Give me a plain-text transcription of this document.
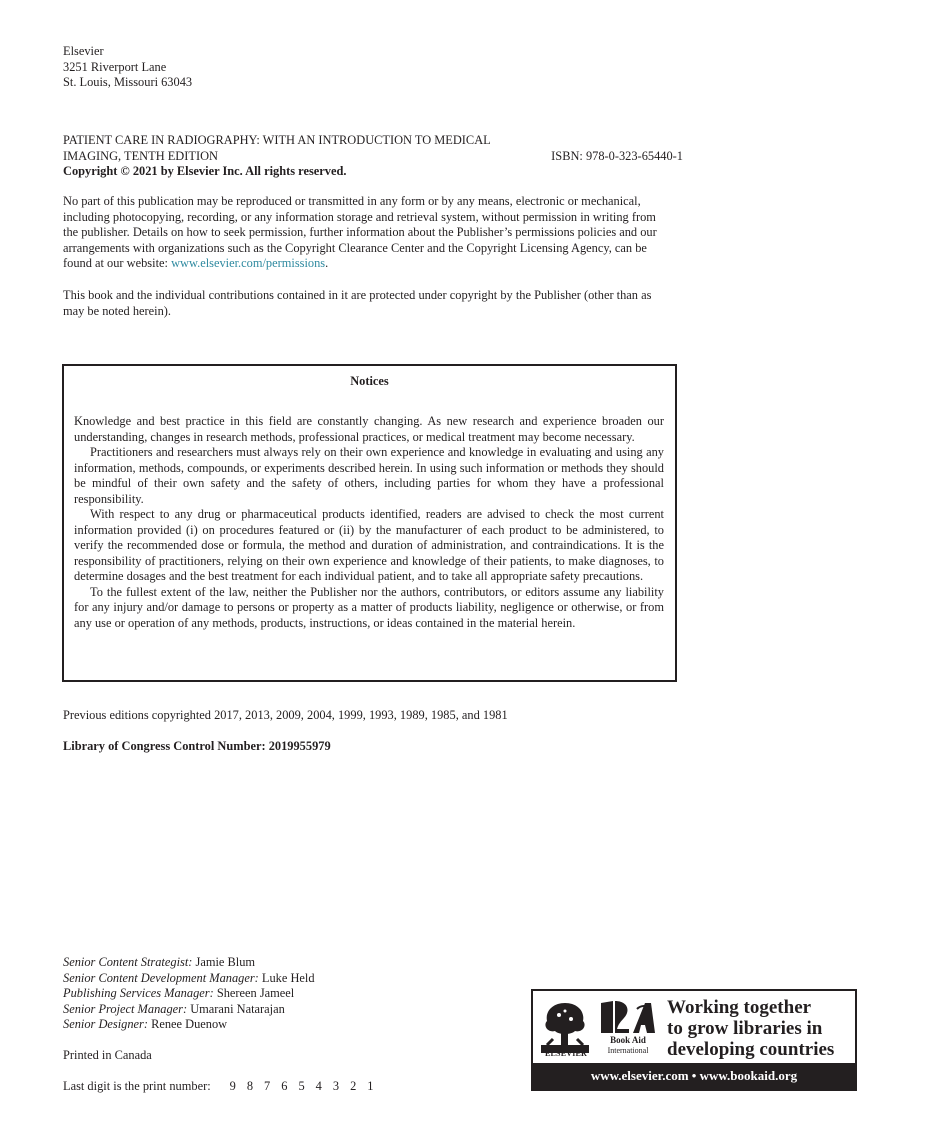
Elsevier
3251 Riverport Lane
St. Louis, Missouri 63043
PATIENT CARE IN RADIOGRAPHY: WITH AN INTRODUCTION TO MEDICAL
IMAGING, TENTH EDITION	ISBN: 978-0-323-65440-1
Copyright © 2021 by Elsevier Inc. All rights reserved.
No part of this publication may be reproduced or transmitted in any form or by any means, electronic or mechanical, including photocopying, recording, or any information storage and retrieval system, without permission in writing from the publisher. Details on how to seek permission, further information about the Publisher’s permissions policies and our arrangements with organizations such as the Copyright Clearance Center and the Copyright Licensing Agency, can be found at our website: www.elsevier.com/permissions.
This book and the individual contributions contained in it are protected under copyright by the Publisher (other than as may be noted herein).
Notices

Knowledge and best practice in this field are constantly changing. As new research and experience broaden our understanding, changes in research methods, professional practices, or medical treatment may become necessary.

Practitioners and researchers must always rely on their own experience and knowledge in evaluating and using any information, methods, compounds, or experiments described herein. In using such information or methods they should be mindful of their own safety and the safety of others, including parties for whom they have a professional responsibility.

With respect to any drug or pharmaceutical products identified, readers are advised to check the most current information provided (i) on procedures featured or (ii) by the manufacturer of each product to be administered, to verify the recommended dose or formula, the method and duration of administration, and contraindications. It is the responsibility of practitioners, relying on their own experience and knowledge of their patients, to make diagnoses, to determine dosages and the best treatment for each individual patient, and to take all appropriate safety precautions.

To the fullest extent of the law, neither the Publisher nor the authors, contributors, or editors assume any liability for any injury and/or damage to persons or property as a matter of products liability, negligence or otherwise, or from any use or operation of any methods, products, instructions, or ideas contained in the material herein.

Previous editions copyrighted 2017, 2013, 2009, 2004, 1999, 1993, 1989, 1985, and 1981
Library of Congress Control Number: 2019955979
Senior Content Strategist: Jamie Blum
Senior Content Development Manager: Luke Held
Publishing Services Manager: Shereen Jameel
Senior Project Manager: Umarani Natarajan
Senior Designer: Renee Duenow
Printed in Canada
Last digit is the print number: 9 8 7 6 5 4 3 2 1
ELSEVIER
Book Aid
International
Working together
to grow libraries in
developing countries
www.elsevier.com • www.bookaid.org
